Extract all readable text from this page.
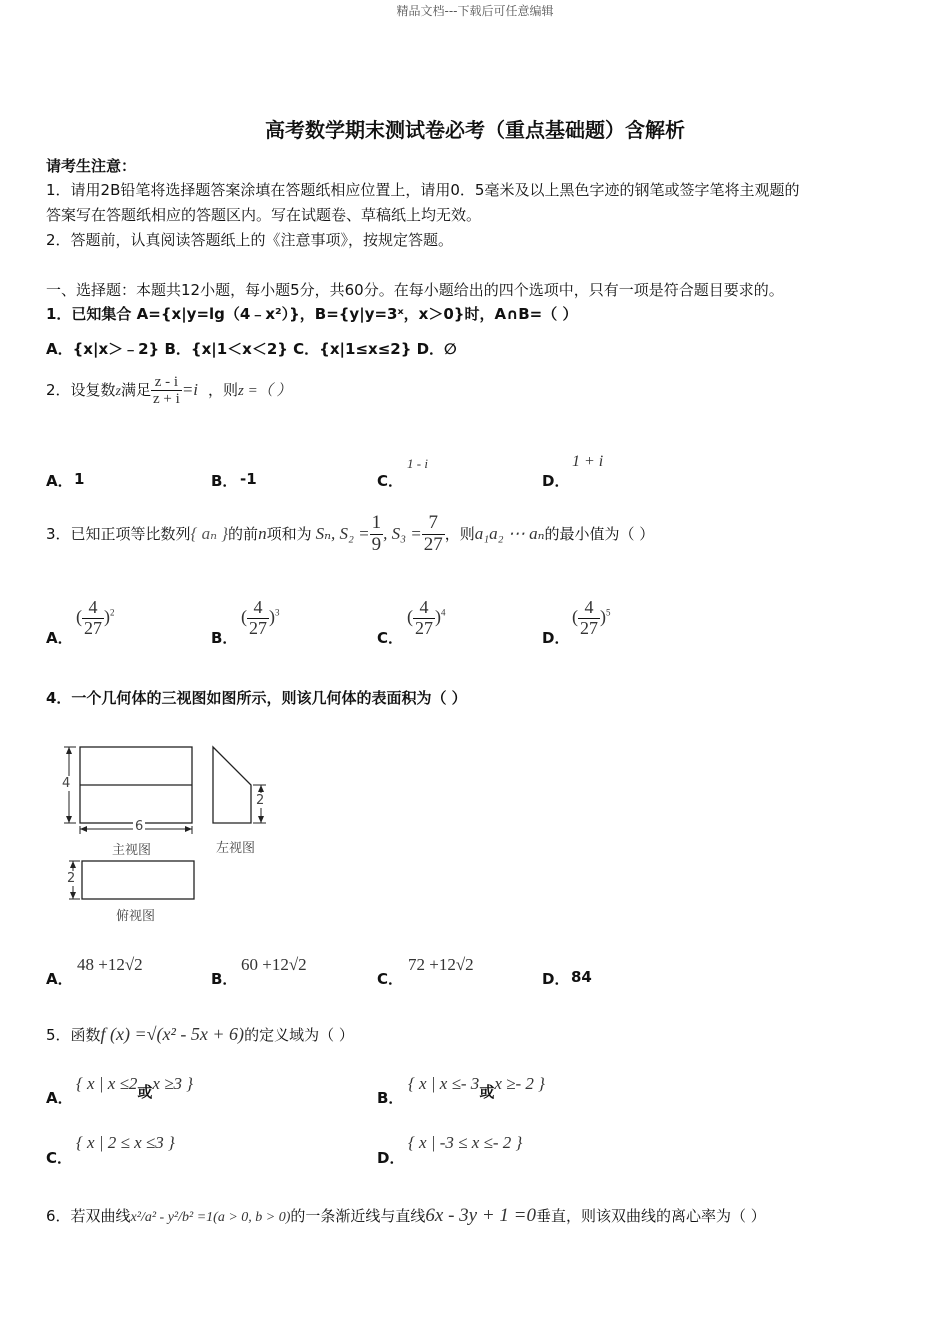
精品文档---下载后可任意编辑
高考数学期末测试卷必考（重点基础题）含解析
请考生注意：
1．请用2B铅笔将选择题答案涂填在答题纸相应位置上，请用0．5毫米及以上黑色字迹的钢笔或签字笔将主观题的
答案写在答题纸相应的答题区内。写在试题卷、草稿纸上均无效。
2．答题前，认真阅读答题纸上的《注意事项》，按规定答题。
一、选择题：本题共12小题，每小题5分，共60分。在每小题给出的四个选项中，只有一项是符合题目要求的。
1．已知集合 A={x|y=lg（4﹣x²）}，B={y|y=3ˣ，x＞0}时，A∩B=（ ）
A．{x|x＞﹣2} B．{x|1＜x＜2} C．{x|1≤x≤2} D．∅
2．设复数z满足 $\frac{z - i}{z + i} =i$ ，则z =（ ）
A． 1	B． -1	C．
1 - i
D．
1 + i
3．已知正项等比数列{ aₙ }的前n项和为 Sₙ, $S_2 = \frac{1}{9}$ , $S_3 = \frac{7}{27}$ ，则a₁a₂ ⋯ aₙ的最小值为（ ）
A．
( $\frac{4}{27} )^2$
B．
( $\frac{4}{27} )^3$
C．
( $\frac{4}{27} )^4$
D．
( $\frac{4}{27} )^5$
4．一个几何体的三视图如图所示，则该几何体的表面积为（ ）
4
6
2
2
主视图	左视图
俯视图
A．
48 +12√2
B．
60 +12√2
C．
72 +12√2
D． 84
5．函数f (x) =√(x² - 5x + 6)的定义域为（ ）
A．
{ x | x ≤2或x ≥3 }
B．
{ x | x ≤- 3或x ≥- 2 }
C．
{ x | 2 ≤ x ≤3 }
D．
{ x | -3 ≤ x ≤- 2 }
6．若双曲线x²/a² - y²/b² =1(a > 0, b > 0)的一条渐近线与直线6x - 3y + 1 =0垂直，则该双曲线的离心率为（ ）
